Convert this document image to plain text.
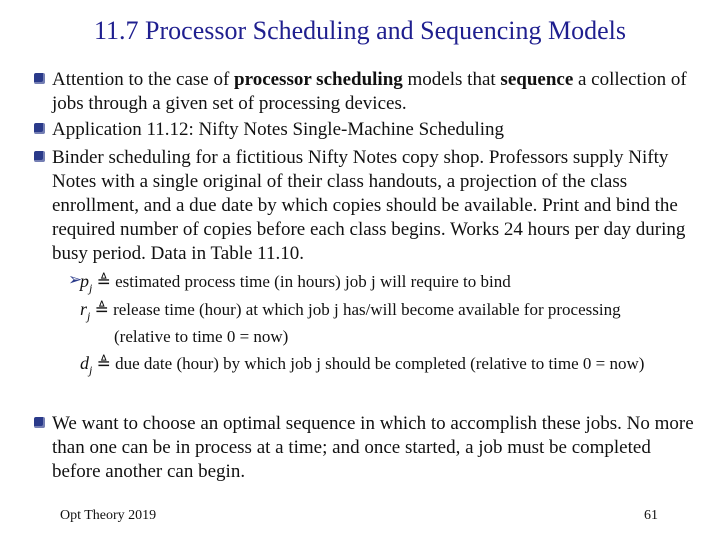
11.7 Processor Scheduling and Sequencing Models
Attention to the case of processor scheduling models that sequence a collection of jobs through a given set of processing devices.
Application 11.12: Nifty Notes Single-Machine Scheduling
Binder scheduling for a fictitious Nifty Notes copy shop. Professors supply Nifty Notes with a single original of their class handouts, a projection of the class enrollment, and a due date by which copies should be available. Print and bind the required number of copies before each class begins. Works 24 hours per day during busy period. Data in Table 11.10.
➢
$p_j$ ≜ estimated process time (in hours) job j will require to bind
$r_j$ ≜ release time (hour) at which job j has/will become available for processing
(relative to time 0 = now)
$d_j$ ≜ due date (hour) by which job j should be completed (relative to time 0 = now)
We want to choose an optimal sequence in which to accomplish these jobs. No more than one can be in process at a time; and once started, a job must be completed before another can begin.
Opt Theory 2019	61
